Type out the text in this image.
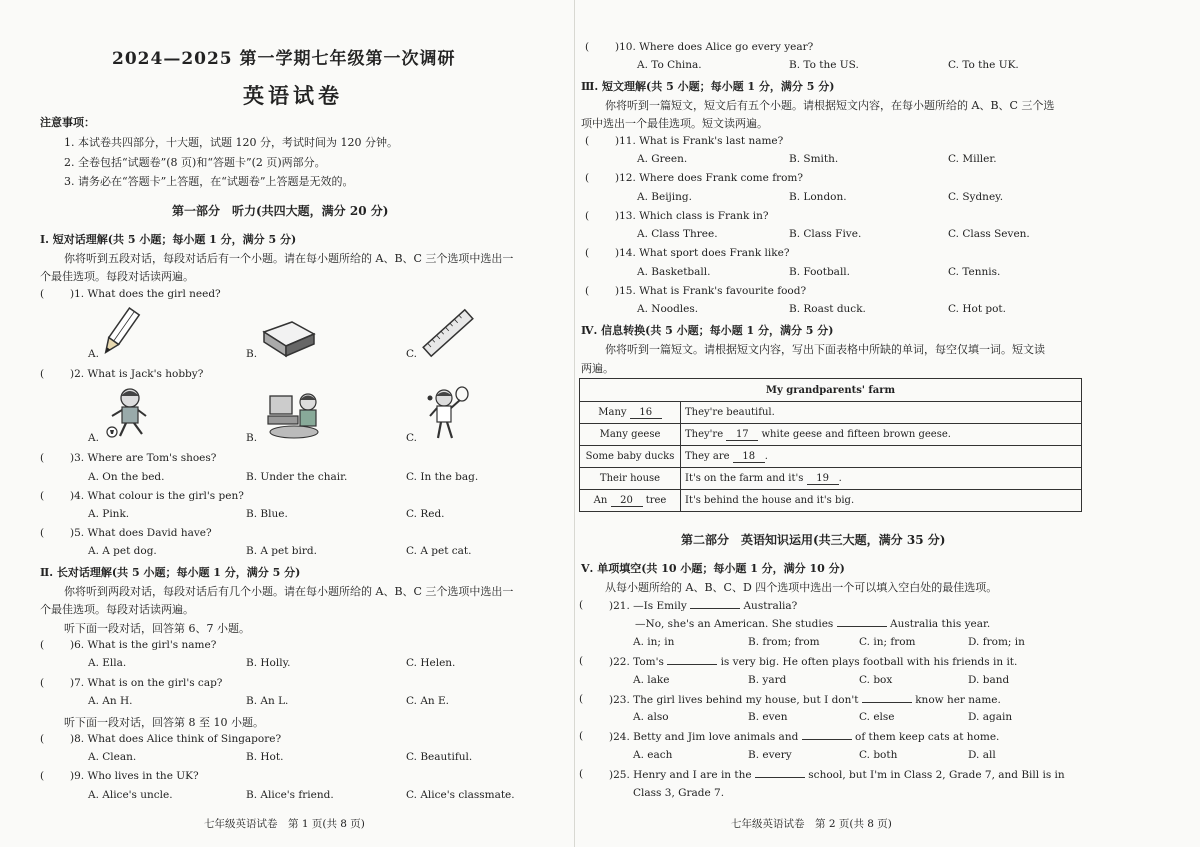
2024—2025 第一学期七年级第一次调研
英语试卷
注意事项：
1. 本试卷共四部分，十大题，试题 120 分，考试时间为 120 分钟。
2. 全卷包括“试题卷”(8 页)和“答题卡”(2 页)两部分。
3. 请务必在“答题卡”上答题，在“试题卷”上答题是无效的。
第一部分　听力(共四大题，满分 20 分)
Ⅰ. 短对话理解(共 5 小题；每小题 1 分，满分 5 分)
你将听到五段对话，每段对话后有一个小题。请在每小题所给的 A、B、C 三个选项中选出一
个最佳选项。每段对话读两遍。
( )1. What does the girl need?
A.	B.	C.
( )2. What is Jack's hobby?
A.	B.	C.
( )3. Where are Tom's shoes?
A. On the bed.	B. Under the chair.	C. In the bag.
( )4. What colour is the girl's pen?
A. Pink.	B. Blue.	C. Red.
( )5. What does David have?
A. A pet dog.	B. A pet bird.	C. A pet cat.
Ⅱ. 长对话理解(共 5 小题；每小题 1 分，满分 5 分)
你将听到两段对话，每段对话后有几个小题。请在每小题所给的 A、B、C 三个选项中选出一
个最佳选项。每段对话读两遍。
听下面一段对话，回答第 6、7 小题。
( )6. What is the girl's name?
A. Ella.	B. Holly.	C. Helen.
( )7. What is on the girl's cap?
A. An H.	B. An L.	C. An E.
听下面一段对话，回答第 8 至 10 小题。
( )8. What does Alice think of Singapore?
A. Clean.	B. Hot.	C. Beautiful.
( )9. Who lives in the UK?
A. Alice's uncle.	B. Alice's friend.	C. Alice's classmate.
七年级英语试卷　第 1 页(共 8 页)
( )10. Where does Alice go every year?
A. To China.	B. To the US.	C. To the UK.
Ⅲ. 短文理解(共 5 小题；每小题 1 分，满分 5 分)
你将听到一篇短文，短文后有五个小题。请根据短文内容，在每小题所给的 A、B、C 三个选
项中选出一个最佳选项。短文读两遍。
( )11. What is Frank's last name?
A. Green.	B. Smith.	C. Miller.
( )12. Where does Frank come from?
A. Beijing.	B. London.	C. Sydney.
( )13. Which class is Frank in?
A. Class Three.	B. Class Five.	C. Class Seven.
( )14. What sport does Frank like?
A. Basketball.	B. Football.	C. Tennis.
( )15. What is Frank's favourite food?
A. Noodles.	B. Roast duck.	C. Hot pot.
Ⅳ. 信息转换(共 5 小题；每小题 1 分，满分 5 分)
你将听到一篇短文。请根据短文内容，写出下面表格中所缺的单词，每空仅填一词。短文读
两遍。
My grandparents' farm	
Many 16	They're beautiful.
Many geese	They're 17 white geese and fifteen brown geese.
Some baby ducks	They are 18 .
Their house	It's on the farm and it's 19 .
An 20 tree	It's behind the house and it's big.
第二部分　英语知识运用(共三大题，满分 35 分)
Ⅴ. 单项填空(共 10 小题；每小题 1 分，满分 10 分)
从每小题所给的 A、B、C、D 四个选项中选出一个可以填入空白处的最佳选项。
( )21. —Is Emily	Australia?
—No, she's an American. She studies	Australia this year.
A. in; in	B. from; from	C. in; from	D. from; in
( )22. Tom's	is very big. He often plays football with his friends in it.
A. lake	B. yard	C. box	D. band
( )23. The girl lives behind my house, but I don't	know her name.
A. also	B. even	C. else	D. again
( )24. Betty and Jim love animals and	of them keep cats at home.
A. each	B. every	C. both	D. all
( )25. Henry and I are in the	school, but I'm in Class 2, Grade 7, and Bill is in
Class 3, Grade 7.
七年级英语试卷　第 2 页(共 8 页)
